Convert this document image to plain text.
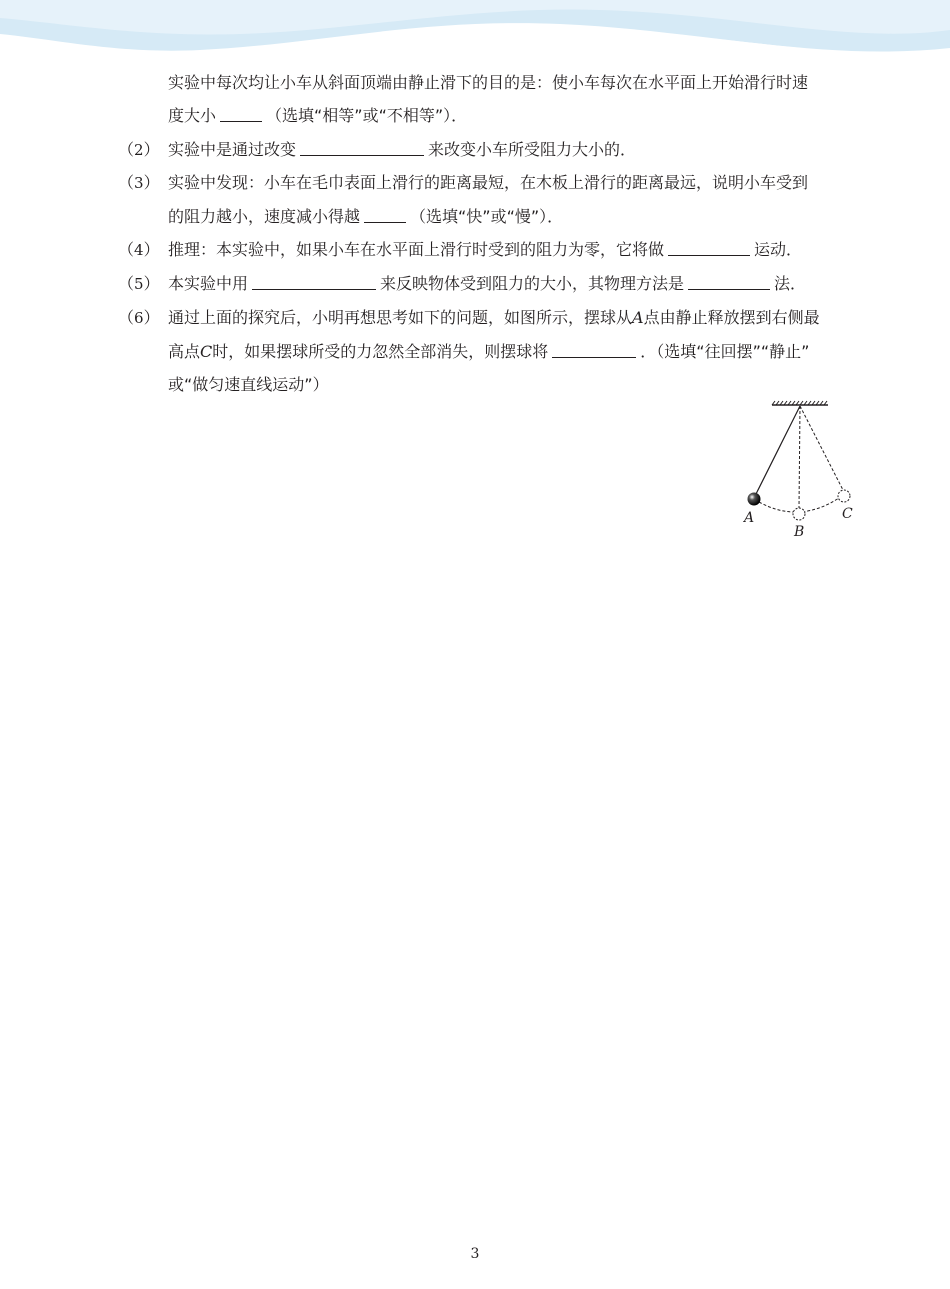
实验中每次均让小车从斜面顶端由静止滑下的目的是：使小车每次在水平面上开始滑行时速
度大小	（选填“相等”或“不相等”）．
（2） 实验中是通过改变	来改变小车所受阻力大小的．
（3） 实验中发现：小车在毛巾表面上滑行的距离最短，在木板上滑行的距离最远，说明小车受到
的阻力越小，速度减小得越	（选填“快”或“慢”）．
（4） 推理：本实验中，如果小车在水平面上滑行时受到的阻力为零，它将做	运动．
（5） 本实验中用	来反映物体受到阻力的大小，其物理方法是	法．
（6） 通过上面的探究后，小明再想思考如下的问题，如图所示，摆球从A点由静止释放摆到右侧最
高点C时，如果摆球所受的力忽然全部消失，则摆球将	．（选填“往回摆”“静止”
或“做匀速直线运动”）
A
B
C
3
